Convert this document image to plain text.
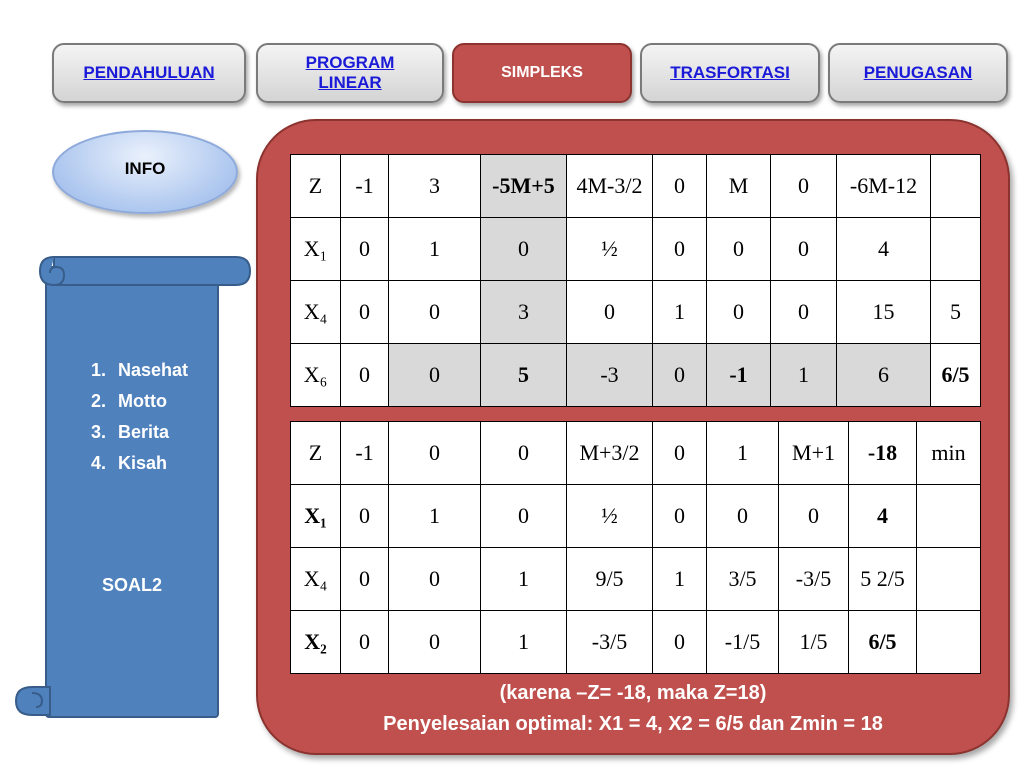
PENDAHULUAN
PROGRAM LINEAR
SIMPLEKS	TRASFORTASI	PENUGASAN
INFO
1. Nasehat
2. Motto
3. Berita
4. Kisah
SOAL2
Z	-1	3	-5M+5	4M-3/2	0	M	0	-6M-12	
X₁	0	1	0	½	0	0	0	4	
X₄	0	0	3	0	1	0	0	15	5
X₆	0	0	5	-3	0	-1	1	6	6/5
Z	-1	0	0	M+3/2	0	1	M+1	-18	min
X₁	0	1	0	½	0	0	0	4	
X₄	0	0	1	9/5	1	3/5	-3/5	5 2/5	
X₂	0	0	1	-3/5	0	-1/5	1/5	6/5	
(karena –Z= -18, maka Z=18)
Penyelesaian optimal: X1 = 4, X2 = 6/5 dan Zmin = 18
